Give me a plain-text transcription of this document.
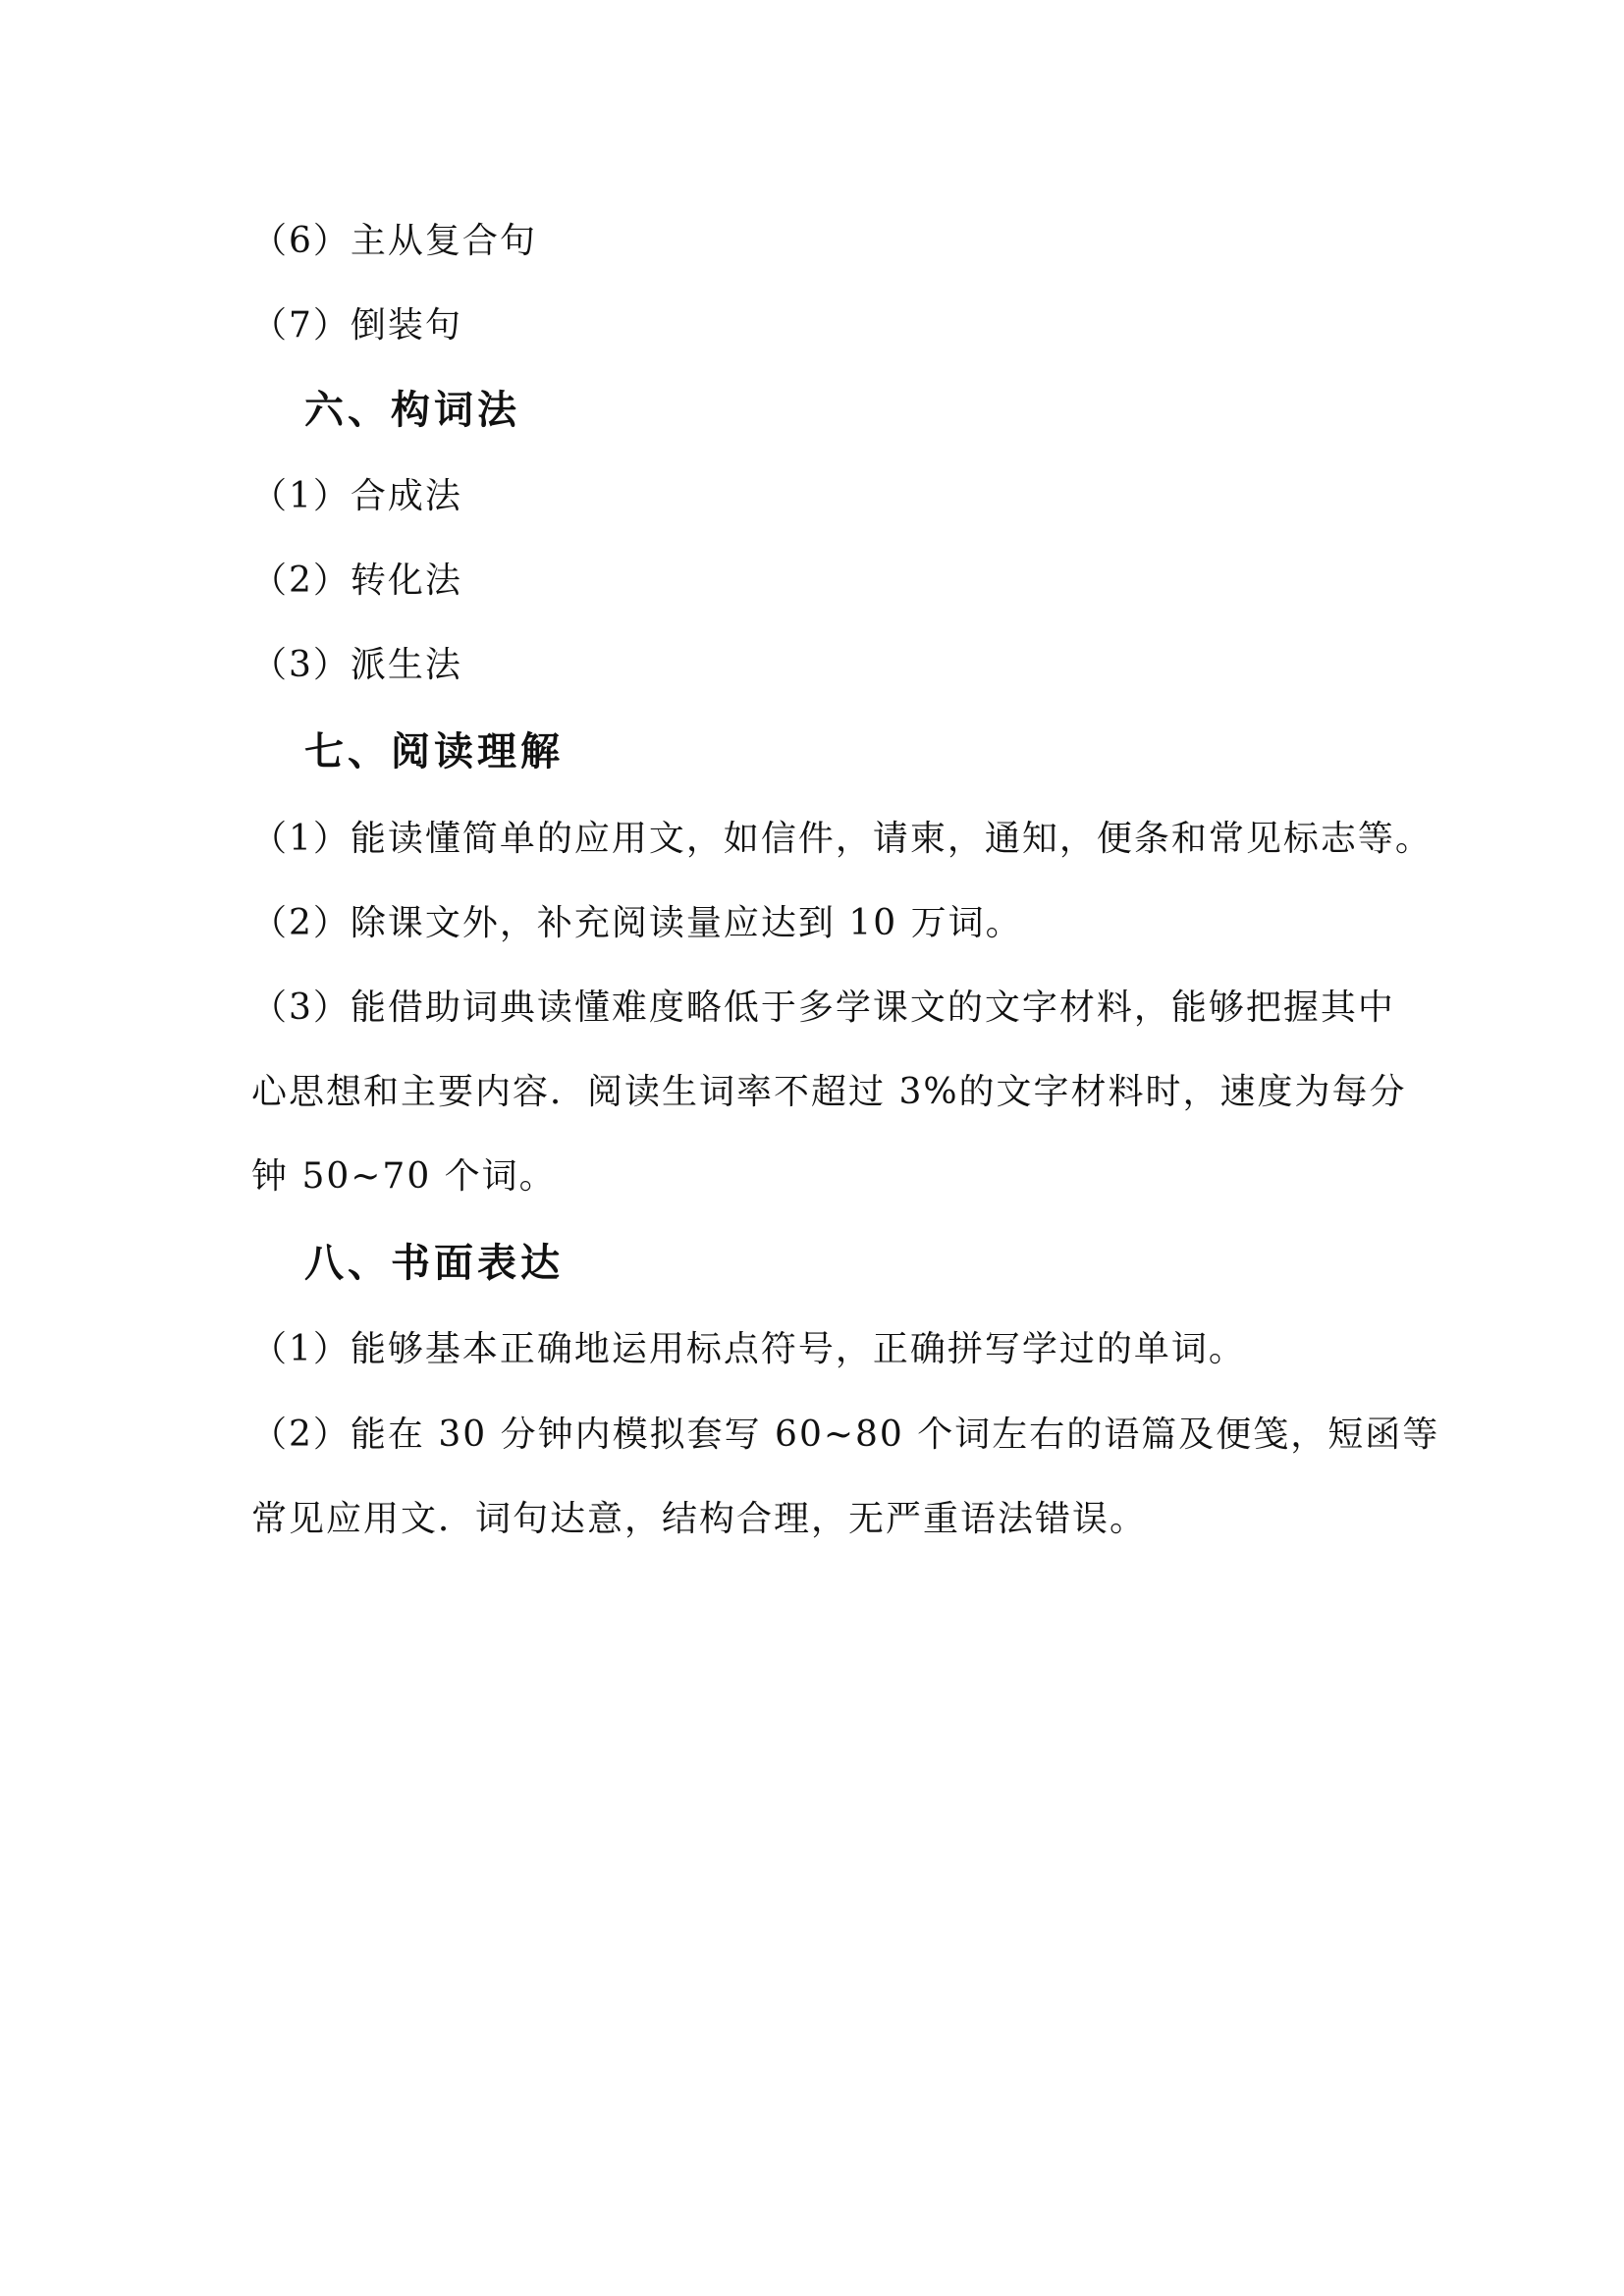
（6）主从复合句
（7）倒装句
六、构词法
（1）合成法
（2）转化法
（3）派生法
七、阅读理解
（1）能读懂简单的应用文，如信件，请柬，通知，便条和常见标志等。
（2）除课文外，补充阅读量应达到 10 万词。
（3）能借助词典读懂难度略低于多学课文的文字材料，能够把握其中
心思想和主要内容．阅读生词率不超过 3%的文字材料时，速度为每分
钟 50~70 个词。
八、书面表达
（1）能够基本正确地运用标点符号，正确拼写学过的单词。
（2）能在 30 分钟内模拟套写 60~80 个词左右的语篇及便笺，短函等
常见应用文．词句达意，结构合理，无严重语法错误。
